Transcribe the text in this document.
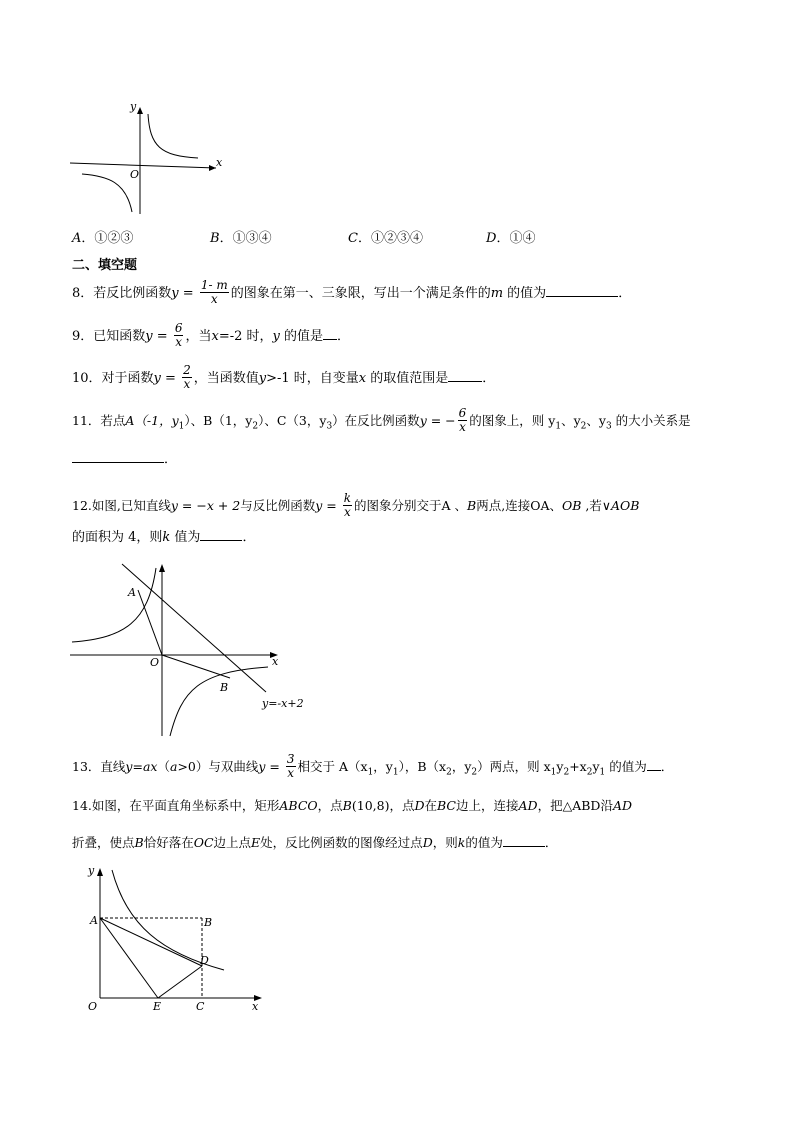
y
x
O
A．①②③	B．①③④	C．①②③④	D．①④
二、填空题
8．若反比例函数$y = \frac{1- m}{x}$ 的图象在第一、三象限，写出一个满足条件的m 的值为	．
9．已知函数$y = \frac{6}{x}$ ，当x=-2 时，y 的值是 ．
10．对于函数$y = \frac{2}{x}$ ，当函数值y>-1 时，自变量x 的取值范围是	．
11．若点A（-1，$y_1$）、B（1，$y_2$）、C（3，$y_3$）在反比例函数y = − $\frac{6}{x}$ 的图象上，则 $y_1$、$y_2$、$y_3$ 的大小关系是
．
12.如图,已知直线y = −x + 2与反比例函数$y = \frac{k}{x}$ 的图象分别交于A 、B两点,连接OA、OB ,若∨AOB
的面积为 4，则k 值为	．
A
O	x
B
y=-x+2
13．直线y=ax（a>0）与双曲线$y = \frac{3}{x}$ 相交于 $A(x_1$，$y_1$），$B(x_2$，$y_2$）两点，则 $x_1y_2+x_2y_1$ 的值为 ．
14.如图，在平面直角坐标系中，矩形ABCO，点B(10,8)，点D在BC边上，连接AD，把△ABD沿AD
折叠，使点B恰好落在OC边上点E处，反比例函数的图像经过点D，则k的值为	．
y
A	B
D
O	E	C	x
